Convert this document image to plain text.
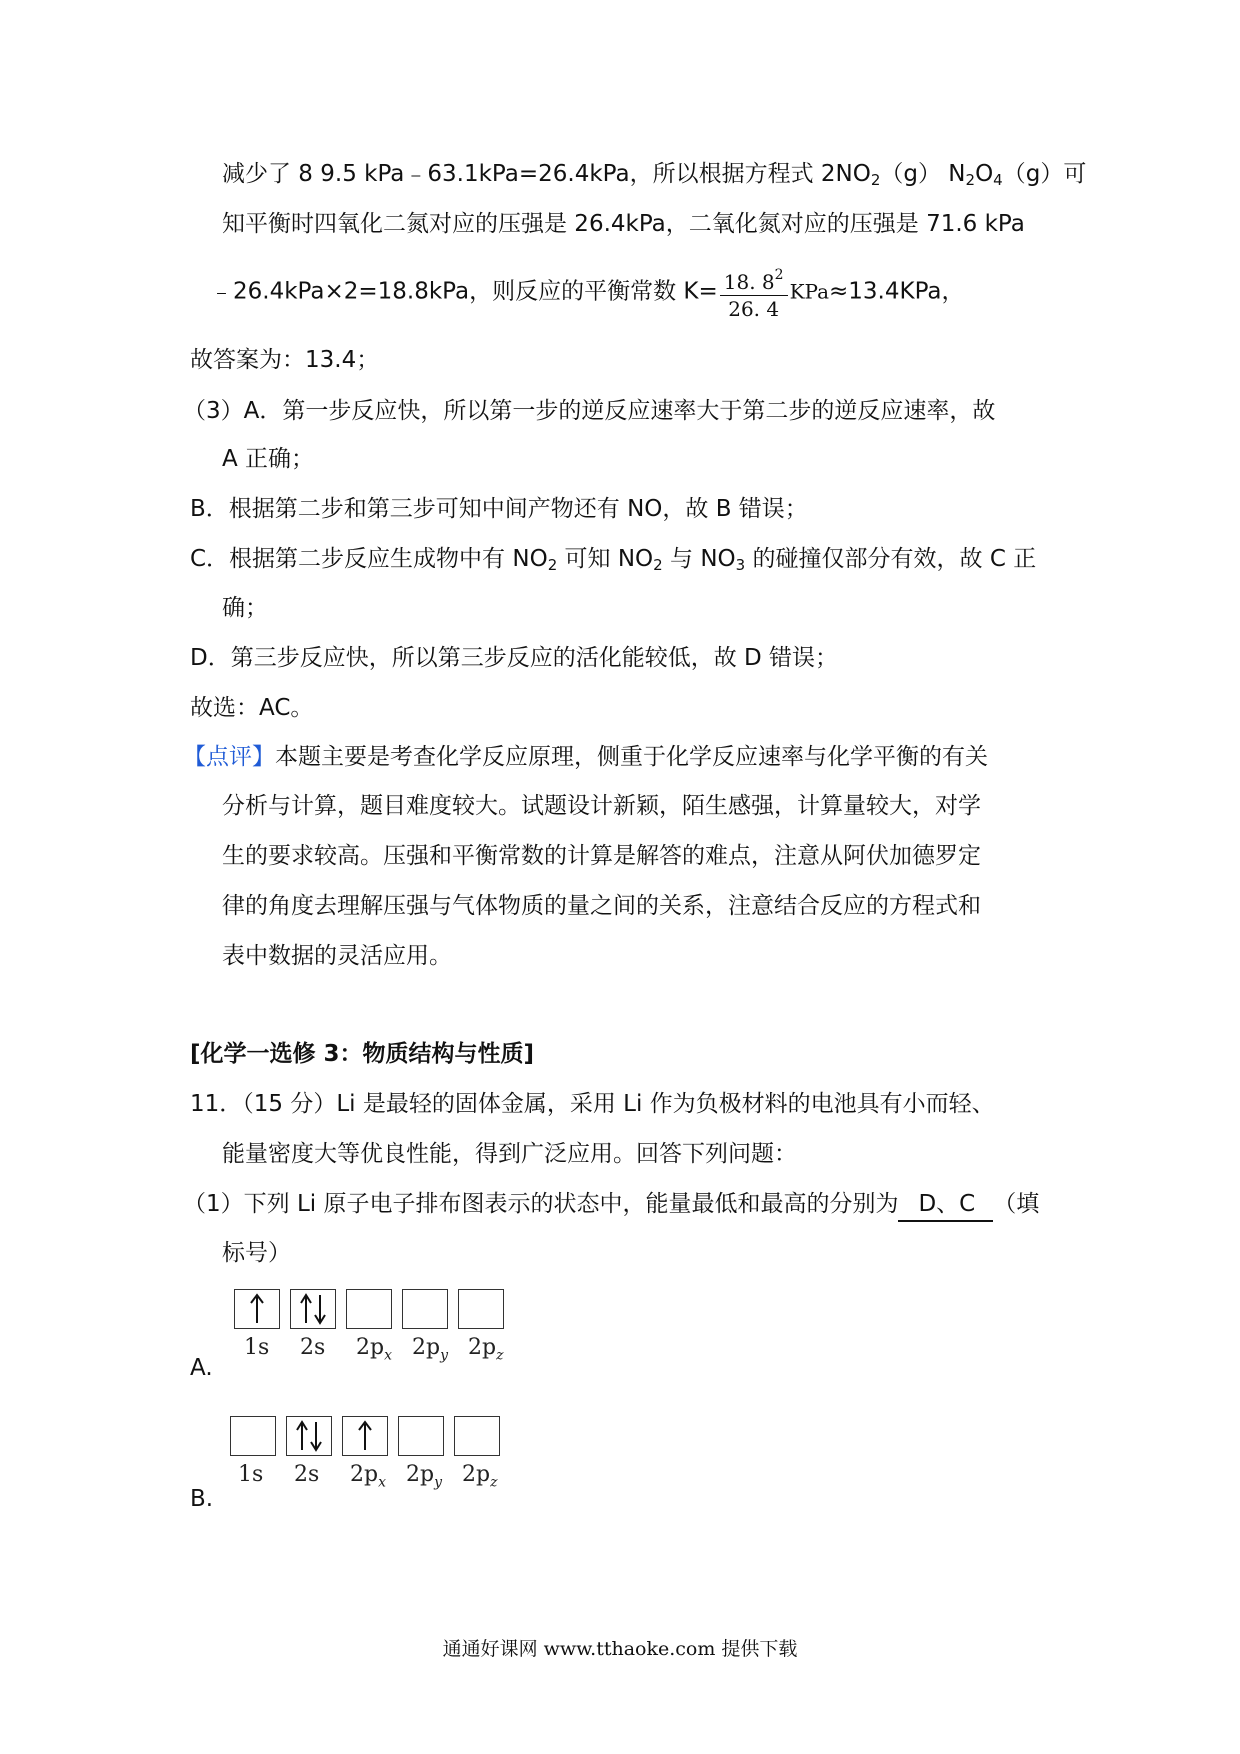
减少了 8 9.5 kPa﹣63.1kPa=26.4kPa，所以根据方程式 $2NO_2(g)$ $N_2O_4(g)$可
知平衡时四氧化二氮对应的压强是 26.4kPa，二氧化氮对应的压强是 71.6 kPa
﹣26.4kPa×2=18.8kPa，则反应的平衡常数 $K= \frac{18. 8^2}{26. 4} KPa\approx 13.4KPa$，
故答案为：13.4；
（3）A．第一步反应快，所以第一步的逆反应速率大于第二步的逆反应速率，故
A 正确；
B．根据第二步和第三步可知中间产物还有 NO，故 B 错误；
C．根据第二步反应生成物中有 $NO_2$ 可知 $NO_2$ 与 $NO_3$ 的碰撞仅部分有效，故 C 正
确；
D．第三步反应快，所以第三步反应的活化能较低，故 D 错误；
故选：AC。
【点评】本题主要是考查化学反应原理，侧重于化学反应速率与化学平衡的有关
分析与计算，题目难度较大。试题设计新颖，陌生感强，计算量较大，对学
生的要求较高。压强和平衡常数的计算是解答的难点，注意从阿伏加德罗定
律的角度去理解压强与气体物质的量之间的关系，注意结合反应的方程式和
表中数据的灵活应用。
[化学一选修 3：物质结构与性质]
11．（15 分）Li 是最轻的固体金属，采用 Li 作为负极材料的电池具有小而轻、
能量密度大等优良性能，得到广泛应用。回答下列问题：
（1）下列 Li 原子电子排布图表示的状态中，能量最低和最高的分别为 D、C （填
标号）
A.
1s 2s $2p_x$ $2p_y$ $2p_z$
B.
1s 2s $2p_x$ $2p_y$ $2p_z$
通通好课网 www.tthaoke.com 提供下载
